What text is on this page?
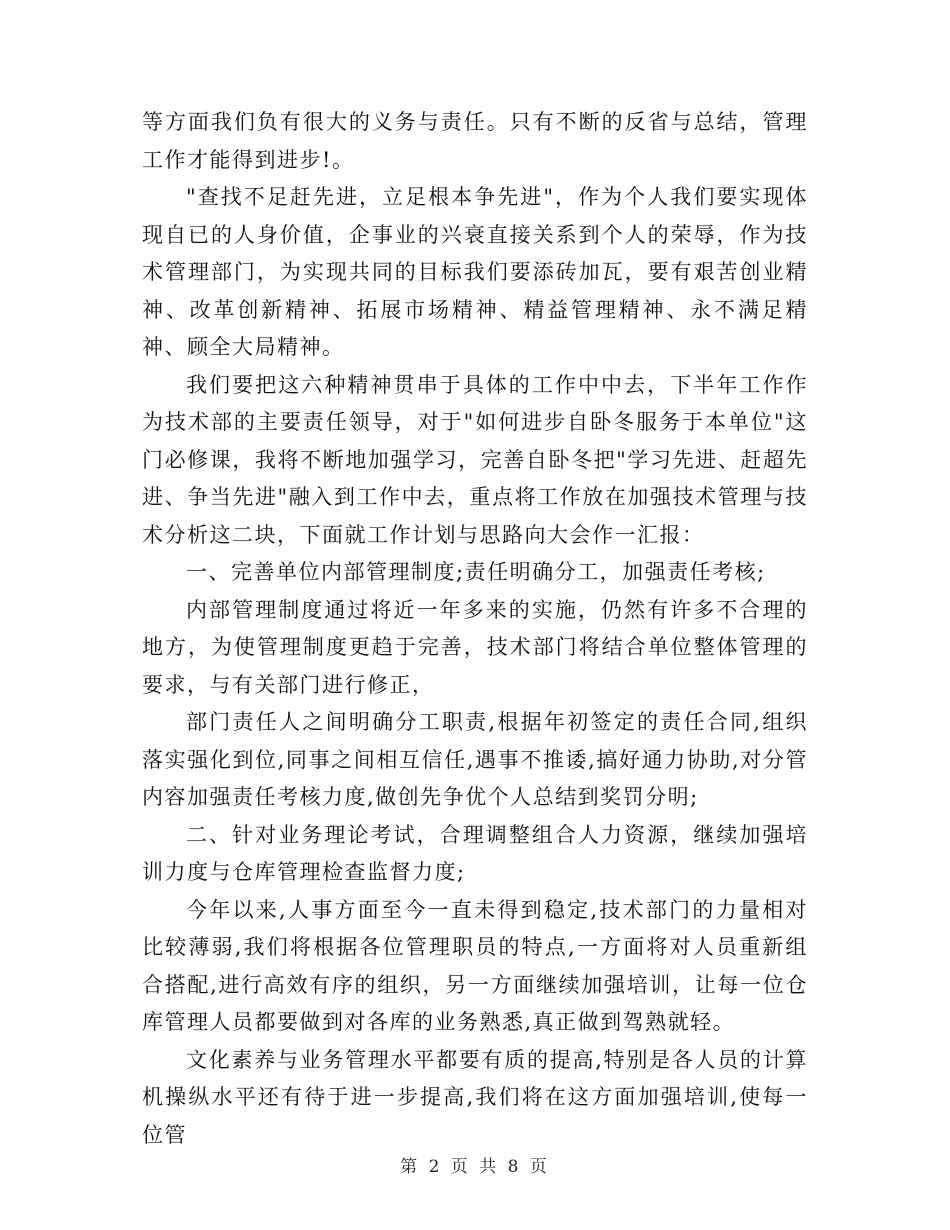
等方面我们负有很大的义务与责任。只有不断的反省与总结，管理工作才能得到进步!。

"查找不足赶先进，立足根本争先进"，作为个人我们要实现体现自已的人身价值，企事业的兴衰直接关系到个人的荣辱，作为技术管理部门，为实现共同的目标我们要添砖加瓦，要有艰苦创业精神、改革创新精神、拓展市场精神、精益管理精神、永不满足精神、顾全大局精神。

我们要把这六种精神贯串于具体的工作中中去，下半年工作作为技术部的主要责任领导，对于"如何进步自卧冬服务于本单位"这门必修课，我将不断地加强学习，完善自卧冬把"学习先进、赶超先进、争当先进"融入到工作中去，重点将工作放在加强技术管理与技术分析这二块，下面就工作计划与思路向大会作一汇报：

一、完善单位内部管理制度;责任明确分工，加强责任考核;

内部管理制度通过将近一年多来的实施，仍然有许多不合理的地方，为使管理制度更趋于完善，技术部门将结合单位整体管理的要求，与有关部门进行修正，

部门责任人之间明确分工职责,根据年初签定的责任合同,组织落实强化到位,同事之间相互信任,遇事不推诿,搞好通力协助,对分管内容加强责任考核力度,做创先争优个人总结到奖罚分明;

二、针对业务理论考试，合理调整组合人力资源，继续加强培训力度与仓库管理检查监督力度;

今年以来,人事方面至今一直未得到稳定,技术部门的力量相对比较薄弱,我们将根据各位管理职员的特点,一方面将对人员重新组合搭配,进行高效有序的组织，另一方面继续加强培训，让每一位仓库管理人员都要做到对各库的业务熟悉,真正做到驾熟就轻。

文化素养与业务管理水平都要有质的提高,特别是各人员的计算机操纵水平还有待于进一步提高,我们将在这方面加强培训,使每一位管

第 2 页 共 8 页
